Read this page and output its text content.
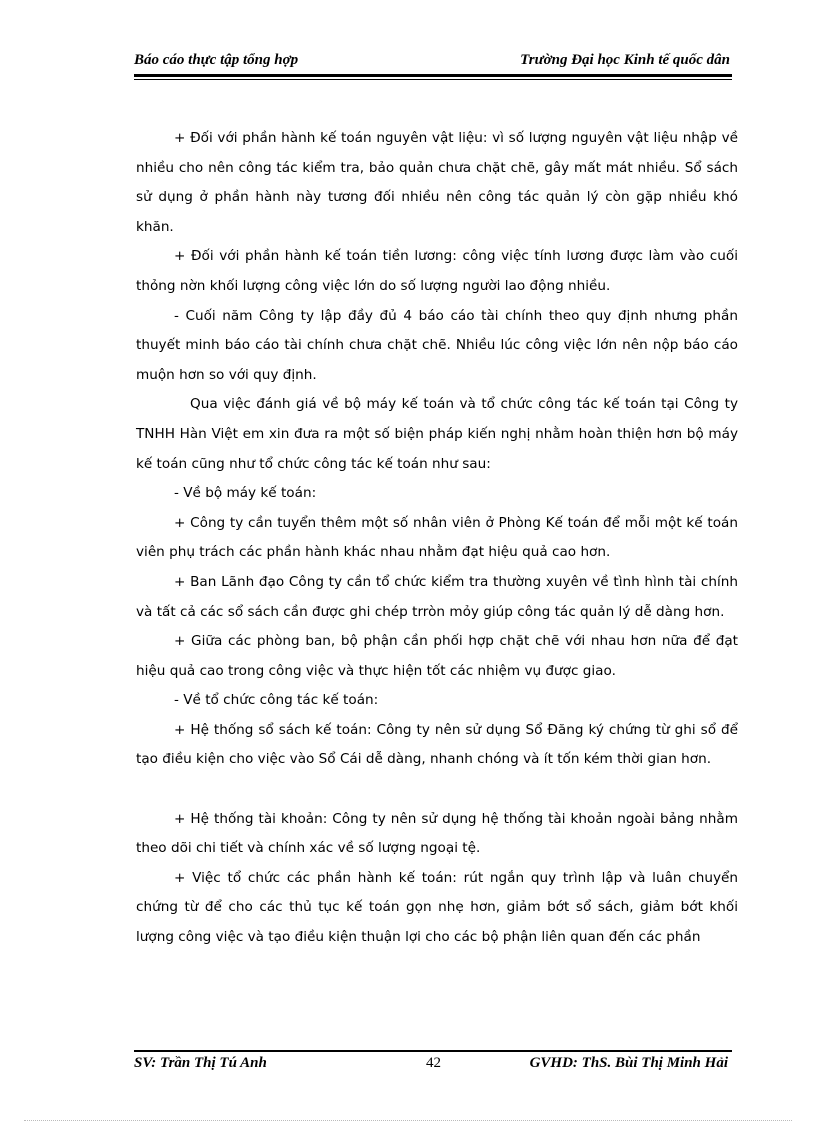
Báo cáo thực tập tổng hợp	Trường Đại học Kinh tế quốc dân

+ Đối với phần hành kế toán nguyên vật liệu: vì số lượng nguyên vật liệu nhập về nhiều cho nên công tác kiểm tra, bảo quản chưa chặt chẽ, gây mất mát nhiều. Sổ sách sử dụng ở phần hành này tương đối nhiều nên công tác quản lý còn gặp nhiều khó khăn.

+ Đối với phần hành kế toán tiền lương: công việc tính lương được làm vào cuối thỏng nờn khối lượng công việc lớn do số lượng người lao động nhiều.

- Cuối năm Công ty lập đầy đủ 4 báo cáo tài chính theo quy định nhưng phần thuyết minh báo cáo tài chính chưa chặt chẽ. Nhiều lúc công việc lớn nên nộp báo cáo muộn hơn so với quy định.

Qua việc đánh giá về bộ máy kế toán và tổ chức công tác kế toán tại Công ty TNHH Hàn Việt em xin đưa ra một số biện pháp kiến nghị nhằm hoàn thiện hơn bộ máy kế toán cũng như tổ chức công tác kế toán như sau:

- Về bộ máy kế toán:

+ Công ty cần tuyển thêm một số nhân viên ở Phòng Kế toán để mỗi một kế toán viên phụ trách các phần hành khác nhau nhằm đạt hiệu quả cao hơn.

+ Ban Lãnh đạo Công ty cần tổ chức kiểm tra thường xuyên về tình hình tài chính và tất cả các sổ sách cần được ghi chép trròn mỏy giúp công tác quản lý dễ dàng hơn.

+ Giữa các phòng ban, bộ phận cần phối hợp chặt chẽ với nhau hơn nữa để đạt hiệu quả cao trong công việc và thực hiện tốt các nhiệm vụ được giao.

- Về tổ chức công tác kế toán:

+ Hệ thống sổ sách kế toán: Công ty nên sử dụng Sổ Đăng ký chứng từ ghi sổ để tạo điều kiện cho việc vào Sổ Cái dễ dàng, nhanh chóng và ít tốn kém thời gian hơn.

+ Hệ thống tài khoản: Công ty nên sử dụng hệ thống tài khoản ngoài bảng nhằm theo dõi chi tiết và chính xác về số lượng ngoại tệ.

+ Việc tổ chức các phần hành kế toán: rút ngắn quy trình lập và luân chuyển chứng từ để cho các thủ tục kế toán gọn nhẹ hơn, giảm bớt sổ sách, giảm bớt khối lượng công việc và tạo điều kiện thuận lợi cho các bộ phận liên quan đến các phần

SV: Trần Thị Tú Anh	42	GVHD: ThS. Bùi Thị Minh Hải
